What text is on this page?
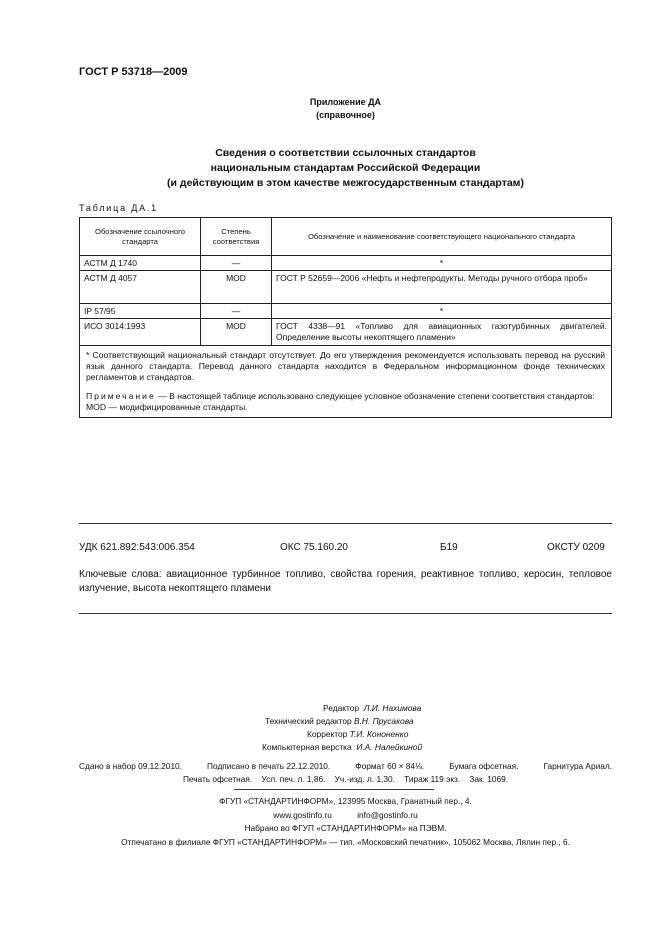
ГОСТ Р 53718—2009
Приложение ДА
(справочное)
Сведения о соответствии ссылочных стандартов
национальным стандартам Российской Федерации
(и действующим в этом качестве межгосударственным стандартам)
Таблица ДА.1
Обозначение ссылочного стандарта	Степень соответствия	Обозначение и наименование соответствующего национального стандарта
АСТМ Д 1740	—	*
АСТМ Д 4057	MOD	ГОСТ Р 52659—2006 «Нефть и нефтепродукты. Методы ручного отбора проб»
IP 57/95	—	*
ИСО 3014:1993	MOD	ГОСТ 4338—91 «Топливо для авиационных газотурбинных двигателей. Определение высоты некоптящего пламени»

* Соответствующий национальный стандарт отсутствует. До его утверждения рекомендуется использовать перевод на русский язык данного стандарта. Перевод данного стандарта находится в Федеральном информационном фонде технических регламентов и стандартов.

Примечание — В настоящей таблице использовано следующее условное обозначение степени соответствия стандартов:

MOD — модифицированные стандарты.		

УДК 621.892:543:006.354	ОКС 75.160.20	Б19	ОКСТУ 0209
Ключевые слова: авиационное турбинное топливо, свойства горения, реактивное топливо, керосин, тепловое излучение, высота некоптящего пламени
Редактор Л.И. Нахимова
Технический редактор В.Н. Прусакова
Корректор Т.И. Кононенко
Компьютерная верстка И.А. Налейкиной
Сдано в набор 09.12.2010.	Подписано в печать 22.12.2010.	Формат 60 × 84⅛.	Бумага офсетная.	Гарнитура Ариал.
Печать офсетная. Усл. печ. л. 1,86. Уч.-изд. л. 1,30. Тираж 119 экз. Зак. 1069.
ФГУП «СТАНДАРТИНФОРМ», 123995 Москва, Гранатный пер., 4.
www.gostinfo.ru	info@gostinfo.ru
Набрано во ФГУП «СТАНДАРТИНФОРМ» на ПЭВМ.
Отпечатано в филиале ФГУП «СТАНДАРТИНФОРМ» — тип. «Московский печатник», 105062 Москва, Лялин пер., 6.
